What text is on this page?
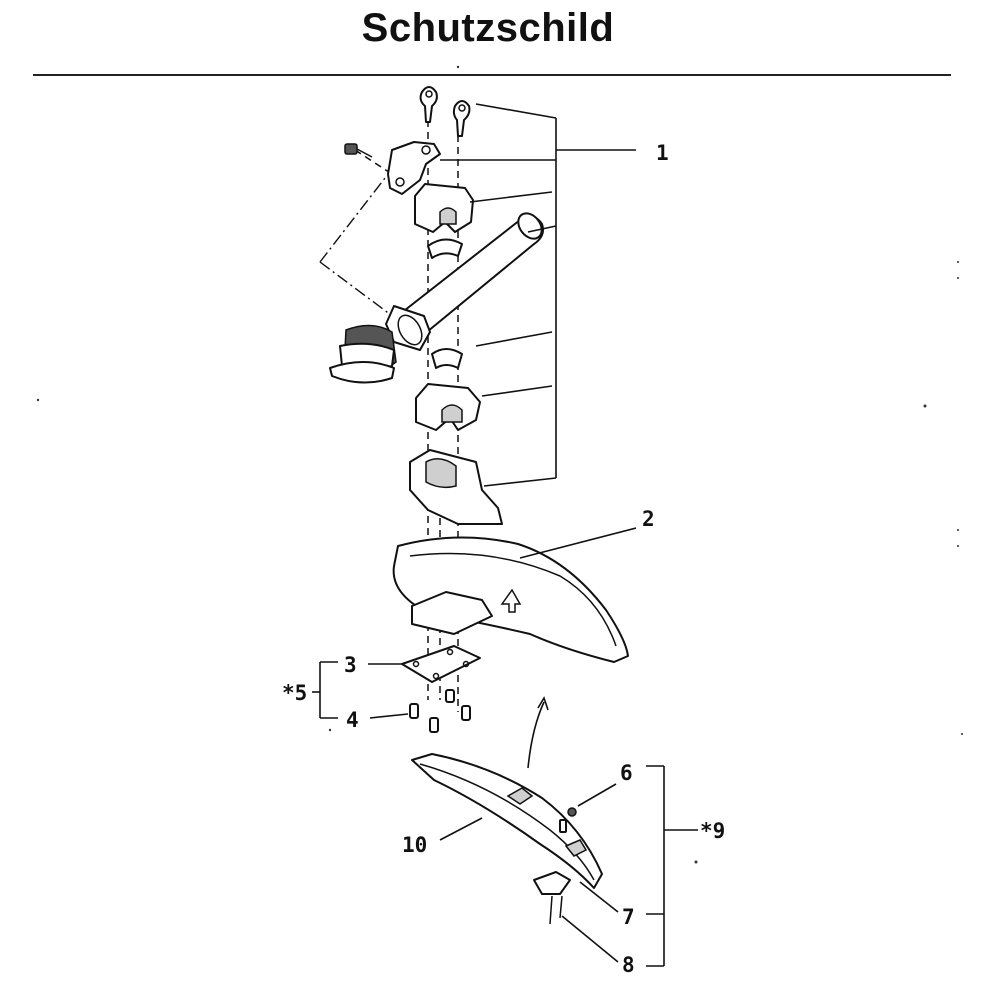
Schutzschild
1
2
3
4
*5
6
7
8
*9
10
